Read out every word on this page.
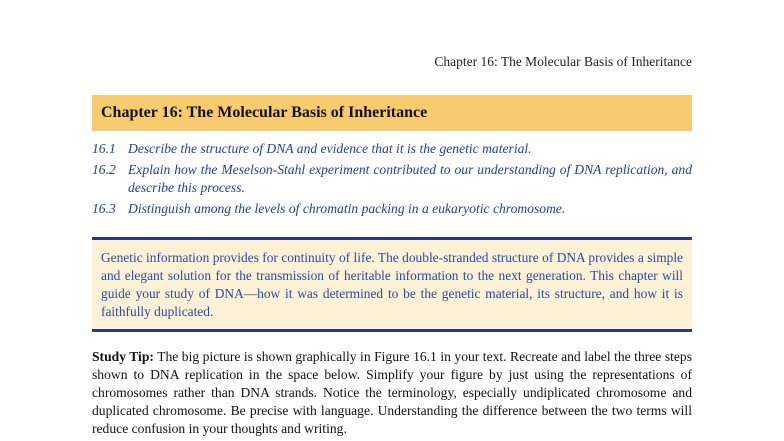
Chapter 16: The Molecular Basis of Inheritance
Chapter 16: The Molecular Basis of Inheritance
16.1 Describe the structure of DNA and evidence that it is the genetic material.
16.2 Explain how the Meselson-Stahl experiment contributed to our understanding of DNA replication, and describe this process.
16.3 Distinguish among the levels of chromatin packing in a eukaryotic chromosome.
Genetic information provides for continuity of life. The double-stranded structure of DNA provides a simple and elegant solution for the transmission of heritable information to the next generation. This chapter will guide your study of DNA—how it was determined to be the genetic material, its structure, and how it is faithfully duplicated.
Study Tip: The big picture is shown graphically in Figure 16.1 in your text. Recreate and label the three steps shown to DNA replication in the space below. Simplify your figure by just using the representations of chromosomes rather than DNA strands. Notice the terminology, especially undiplicated chromosome and duplicated chromosome. Be precise with language. Understanding the difference between the two terms will reduce confusion in your thoughts and writing.
